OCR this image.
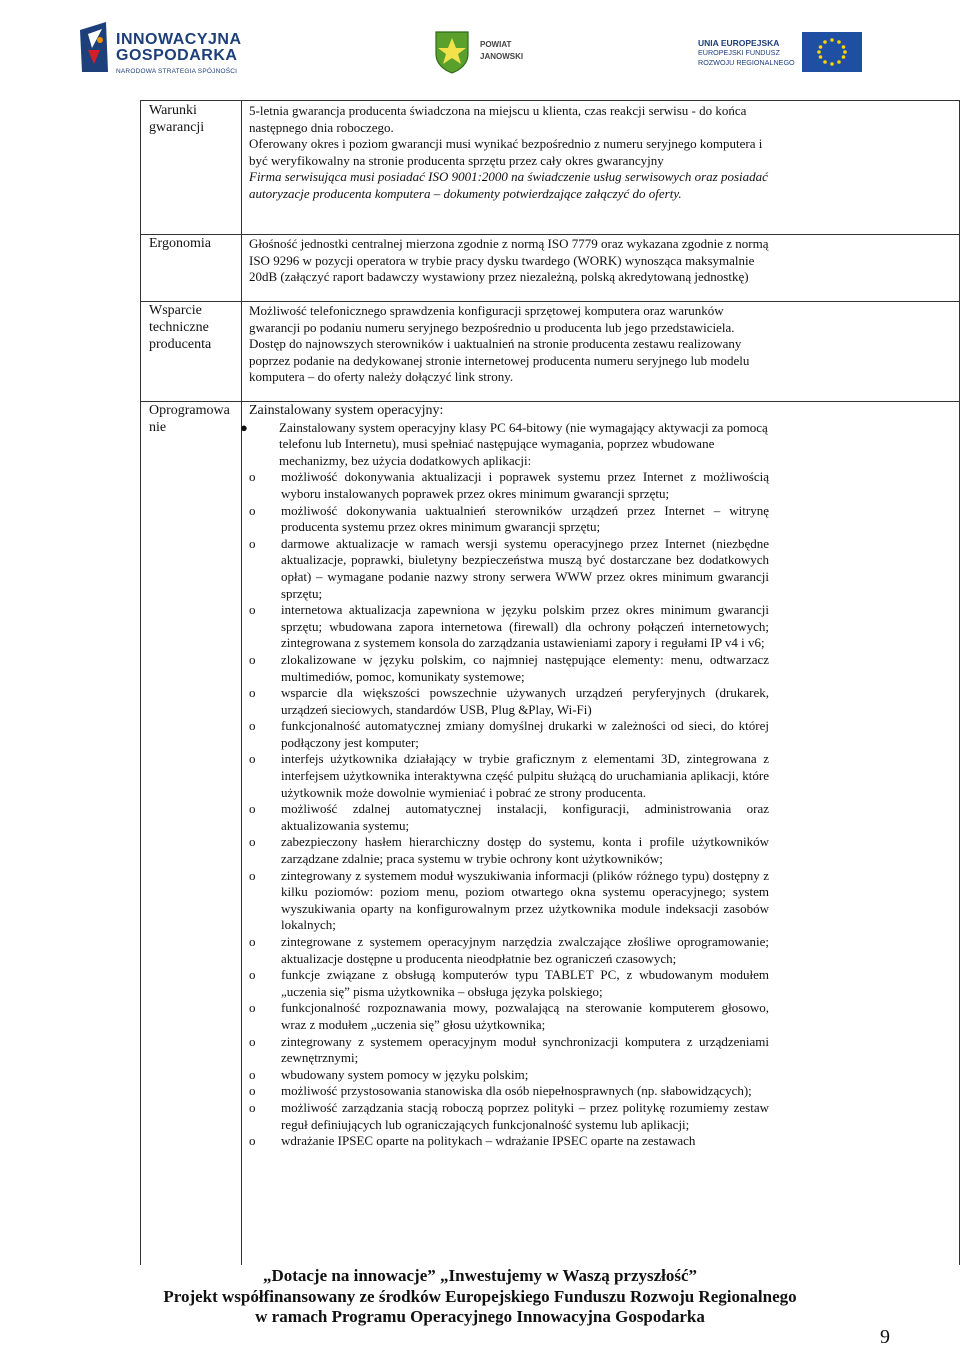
INNOWACYJNA
GOSPODARKA
NARODOWA STRATEGIA SPÓJNOŚCI
POWIAT
JANOWSKI
UNIA EUROPEJSKA
EUROPEJSKI FUNDUSZ
ROZWOJU REGIONALNEGO
Warunki gwarancji

5-letnia gwarancja producenta świadczona na miejscu u klienta, czas reakcji serwisu - do końca następnego dnia roboczego.

Oferowany okres i poziom gwarancji musi wynikać bezpośrednio z numeru seryjnego komputera i być weryfikowalny na stronie producenta sprzętu przez cały okres gwarancyjny

Firma serwisująca musi posiadać ISO 9001:2000 na świadczenie usług serwisowych oraz posiadać autoryzacje producenta komputera – dokumenty potwierdzające załączyć do oferty.

Ergonomia	Głośność jednostki centralnej mierzona zgodnie z normą ISO 7779 oraz wykazana zgodnie z normą ISO 9296 w pozycji operatora w trybie pracy dysku twardego (WORK) wynosząca maksymalnie 20dB (załączyć raport badawczy wystawiony przez niezależną, polską akredytowaną jednostkę)

Wsparcie techniczne producenta

Możliwość telefonicznego sprawdzenia konfiguracji sprzętowej komputera oraz warunków gwarancji po podaniu numeru seryjnego bezpośrednio u producenta lub jego przedstawiciela.

Dostęp do najnowszych sterowników i uaktualnień na stronie producenta zestawu realizowany poprzez podanie na dedykowanej stronie internetowej producenta numeru seryjnego lub modelu komputera – do oferty należy dołączyć link strony.

Oprogramowanie

Zainstalowany system operacyjny:

● Zainstalowany system operacyjny klasy PC 64-bitowy (nie wymagający aktywacji za pomocą telefonu lub Internetu), musi spełniać następujące wymagania, poprzez wbudowane mechanizmy, bez użycia dodatkowych aplikacji:
o możliwość dokonywania aktualizacji i poprawek systemu przez Internet z możliwością wyboru instalowanych poprawek przez okres minimum gwarancji sprzętu;
o możliwość dokonywania uaktualnień sterowników urządzeń przez Internet – witrynę producenta systemu przez okres minimum gwarancji sprzętu;
o darmowe aktualizacje w ramach wersji systemu operacyjnego przez Internet (niezbędne aktualizacje, poprawki, biuletyny bezpieczeństwa muszą być dostarczane bez dodatkowych opłat) – wymagane podanie nazwy strony serwera WWW przez okres minimum gwarancji sprzętu;
o internetowa aktualizacja zapewniona w języku polskim przez okres minimum gwarancji sprzętu; wbudowana zapora internetowa (firewall) dla ochrony połączeń internetowych; zintegrowana z systemem konsola do zarządzania ustawieniami zapory i regułami IP v4 i v6;
o zlokalizowane w języku polskim, co najmniej następujące elementy: menu, odtwarzacz multimediów, pomoc, komunikaty systemowe;
o wsparcie dla większości powszechnie używanych urządzeń peryferyjnych (drukarek, urządzeń sieciowych, standardów USB, Plug &Play, Wi-Fi)
o funkcjonalność automatycznej zmiany domyślnej drukarki w zależności od sieci, do której podłączony jest komputer;
o interfejs użytkownika działający w trybie graficznym z elementami 3D, zintegrowana z interfejsem użytkownika interaktywna część pulpitu służącą do uruchamiania aplikacji, które użytkownik może dowolnie wymieniać i pobrać ze strony producenta.
o możliwość zdalnej automatycznej instalacji, konfiguracji, administrowania oraz aktualizowania systemu;
o zabezpieczony hasłem hierarchiczny dostęp do systemu, konta i profile użytkowników zarządzane zdalnie; praca systemu w trybie ochrony kont użytkowników;
o zintegrowany z systemem moduł wyszukiwania informacji (plików różnego typu) dostępny z kilku poziomów: poziom menu, poziom otwartego okna systemu operacyjnego; system wyszukiwania oparty na konfigurowalnym przez użytkownika module indeksacji zasobów lokalnych;
o zintegrowane z systemem operacyjnym narzędzia zwalczające złośliwe oprogramowanie; aktualizacje dostępne u producenta nieodpłatnie bez ograniczeń czasowych;
o funkcje związane z obsługą komputerów typu TABLET PC, z wbudowanym modułem „uczenia się” pisma użytkownika – obsługa języka polskiego;
o funkcjonalność rozpoznawania mowy, pozwalającą na sterowanie komputerem głosowo, wraz z modułem „uczenia się” głosu użytkownika;
o zintegrowany z systemem operacyjnym moduł synchronizacji komputera z urządzeniami zewnętrznymi;
o wbudowany system pomocy w języku polskim;
o możliwość przystosowania stanowiska dla osób niepełnosprawnych (np. słabowidzących);
o możliwość zarządzania stacją roboczą poprzez polityki – przez politykę rozumiemy zestaw reguł definiujących lub ograniczających funkcjonalność systemu lub aplikacji;
o wdrażanie IPSEC oparte na politykach – wdrażanie IPSEC oparte na zestawach
„Dotacje na innowacje” „Inwestujemy w Waszą przyszłość”
Projekt współfinansowany ze środków Europejskiego Funduszu Rozwoju Regionalnego
w ramach Programu Operacyjnego Innowacyjna Gospodarka
9
